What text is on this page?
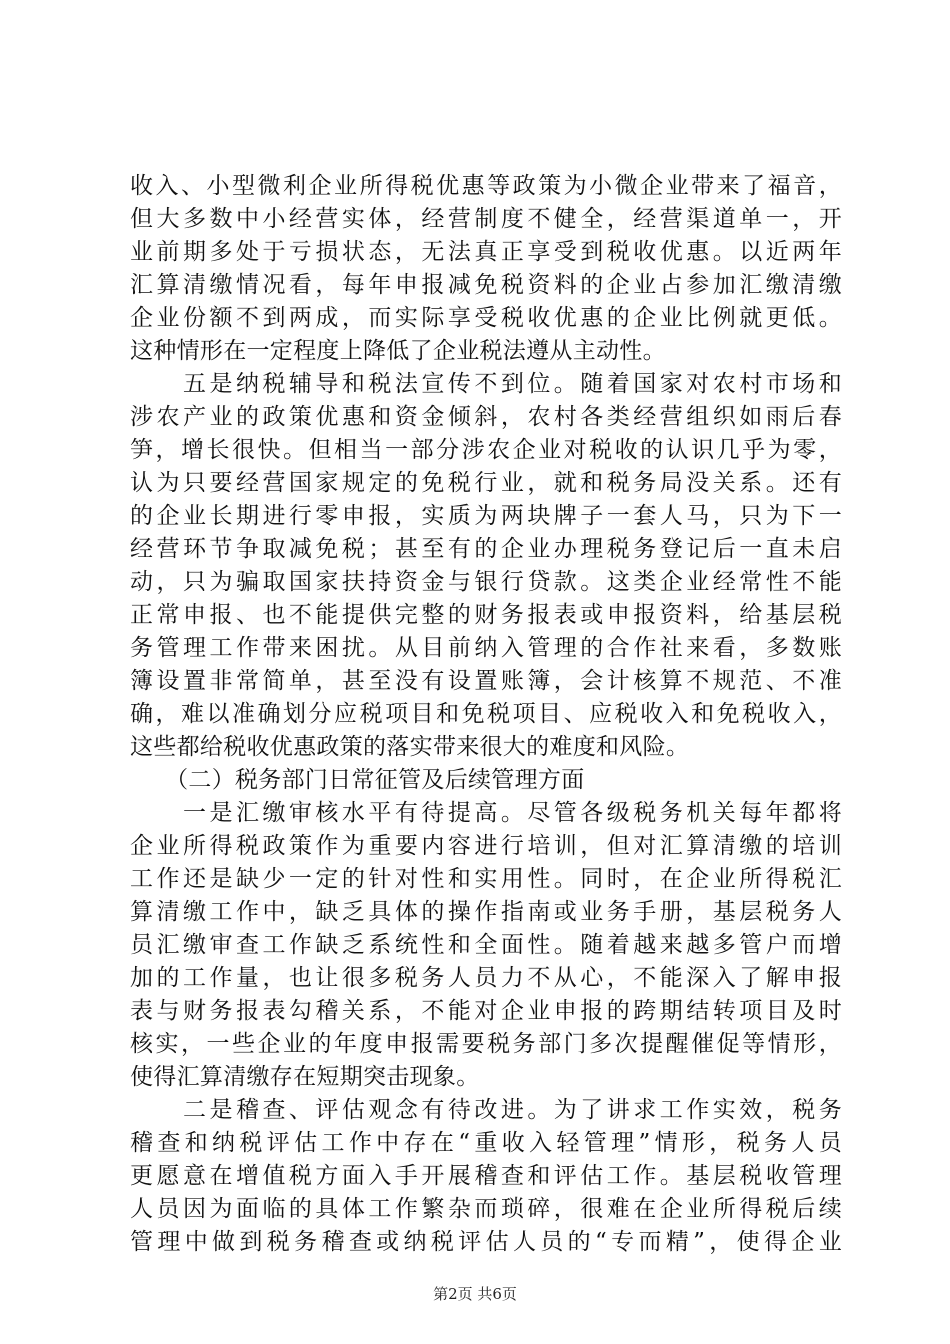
收入、小型微利企业所得税优惠等政策为小微企业带来了福音，
但大多数中小经营实体，经营制度不健全，经营渠道单一，开
业前期多处于亏损状态，无法真正享受到税收优惠。以近两年
汇算清缴情况看，每年申报减免税资料的企业占参加汇缴清缴
企业份额不到两成，而实际享受税收优惠的企业比例就更低。
这种情形在一定程度上降低了企业税法遵从主动性。
　　五是纳税辅导和税法宣传不到位。随着国家对农村市场和
涉农产业的政策优惠和资金倾斜，农村各类经营组织如雨后春
笋，增长很快。但相当一部分涉农企业对税收的认识几乎为零，
认为只要经营国家规定的免税行业，就和税务局没关系。还有
的企业长期进行零申报，实质为两块牌子一套人马，只为下一
经营环节争取减免税；甚至有的企业办理税务登记后一直未启
动，只为骗取国家扶持资金与银行贷款。这类企业经常性不能
正常申报、也不能提供完整的财务报表或申报资料，给基层税
务管理工作带来困扰。从目前纳入管理的合作社来看，多数账
簿设置非常简单，甚至没有设置账簿，会计核算不规范、不准
确，难以准确划分应税项目和免税项目、应税收入和免税收入，
这些都给税收优惠政策的落实带来很大的难度和风险。
　　（二）税务部门日常征管及后续管理方面
　　一是汇缴审核水平有待提高。尽管各级税务机关每年都将
企业所得税政策作为重要内容进行培训，但对汇算清缴的培训
工作还是缺少一定的针对性和实用性。同时，在企业所得税汇
算清缴工作中，缺乏具体的操作指南或业务手册，基层税务人
员汇缴审查工作缺乏系统性和全面性。随着越来越多管户而增
加的工作量，也让很多税务人员力不从心，不能深入了解申报
表与财务报表勾稽关系，不能对企业申报的跨期结转项目及时
核实，一些企业的年度申报需要税务部门多次提醒催促等情形，
使得汇算清缴存在短期突击现象。
　　二是稽查、评估观念有待改进。为了讲求工作实效，税务
稽查和纳税评估工作中存在“重收入轻管理”情形，税务人员
更愿意在增值税方面入手开展稽查和评估工作。基层税收管理
人员因为面临的具体工作繁杂而琐碎，很难在企业所得税后续
管理中做到税务稽查或纳税评估人员的“专而精”，使得企业
第2页 共6页
